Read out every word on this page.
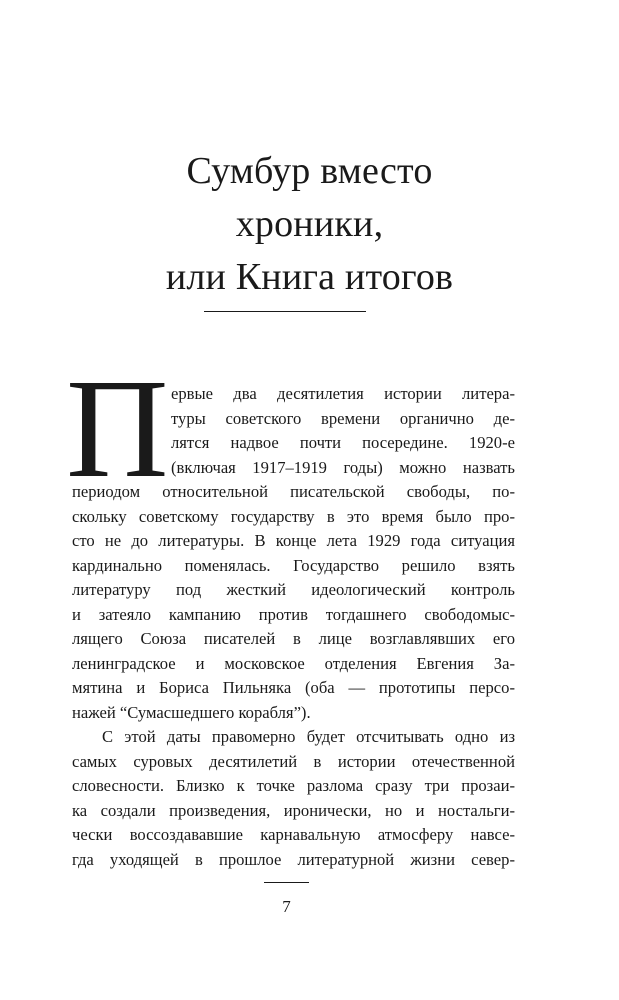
Сумбур вместо
хроники,
или Книга итогов
П ервые два десятилетия истории литера-
туры советского времени органично де-
лятся надвое почти посередине. 1920-е
(включая 1917–1919 годы) можно назвать
периодом относительной писательской свободы, по-
скольку советскому государству в это время было про-
сто не до литературы. В конце лета 1929 года ситуация
кардинально поменялась. Государство решило взять
литературу под жесткий идеологический контроль
и затеяло кампанию против тогдашнего свободомыс-
лящего Союза писателей в лице возглавлявших его
ленинградское и московское отделения Евгения За-
мятина и Бориса Пильняка (оба — прототипы персо-
нажей “Сумасшедшего корабля”).
С этой даты правомерно будет отсчитывать одно из
самых суровых десятилетий в истории отечественной
словесности. Близко к точке разлома сразу три прозаи-
ка создали произведения, иронически, но и ностальги-
чески воссоздававшие карнавальную атмосферу навсе-
гда уходящей в прошлое литературной жизни север-
7
